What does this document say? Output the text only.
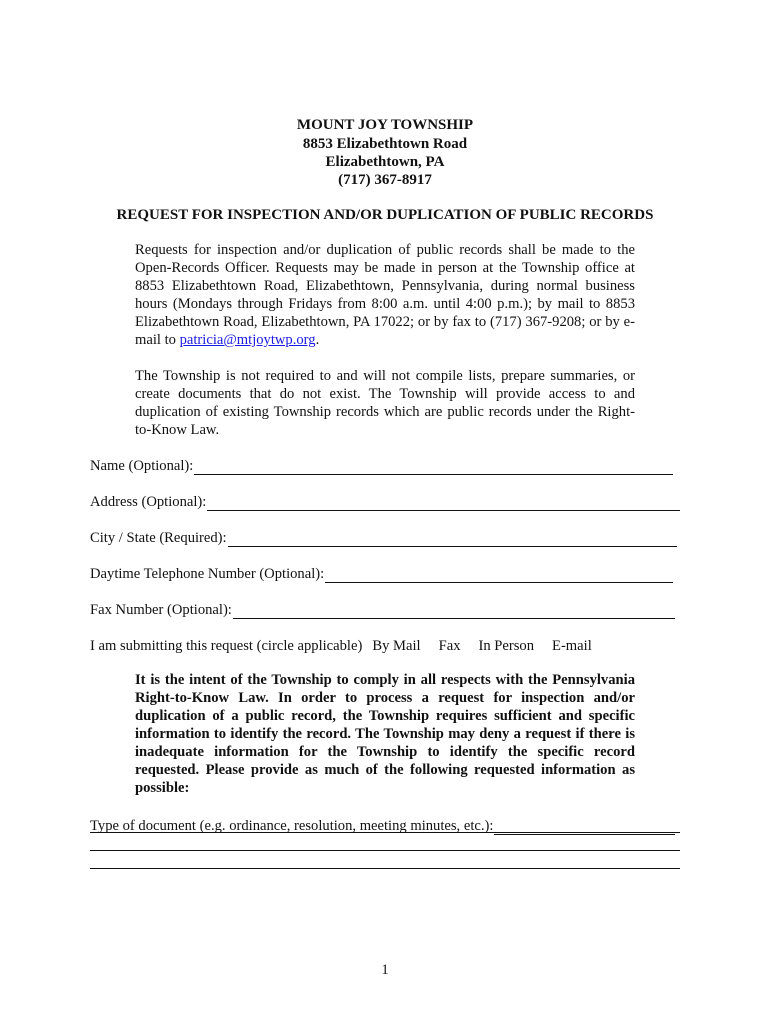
MOUNT JOY TOWNSHIP
8853 Elizabethtown Road
Elizabethtown, PA
(717) 367-8917
REQUEST FOR INSPECTION AND/OR DUPLICATION OF PUBLIC RECORDS
Requests for inspection and/or duplication of public records shall be made to the Open-Records Officer. Requests may be made in person at the Township office at 8853 Elizabethtown Road, Elizabethtown, Pennsylvania, during normal business hours (Mondays through Fridays from 8:00 a.m. until 4:00 p.m.); by mail to 8853 Elizabethtown Road, Elizabethtown, PA 17022; or by fax to (717) 367-9208; or by e-mail to patricia@mtjoytwp.org.
The Township is not required to and will not compile lists, prepare summaries, or create documents that do not exist. The Township will provide access to and duplication of existing Township records which are public records under the Right-to-Know Law.
Name (Optional):
Address (Optional):
City / State (Required):
Daytime Telephone Number (Optional):
Fax Number (Optional):
I am submitting this request (circle applicable) By Mail Fax In Person E-mail
It is the intent of the Township to comply in all respects with the Pennsylvania Right-to-Know Law. In order to process a request for inspection and/or duplication of a public record, the Township requires sufficient and specific information to identify the record. The Township may deny a request if there is inadequate information for the Township to identify the specific record requested. Please provide as much of the following requested information as possible:
Type of document (e.g. ordinance, resolution, meeting minutes, etc.):
1
